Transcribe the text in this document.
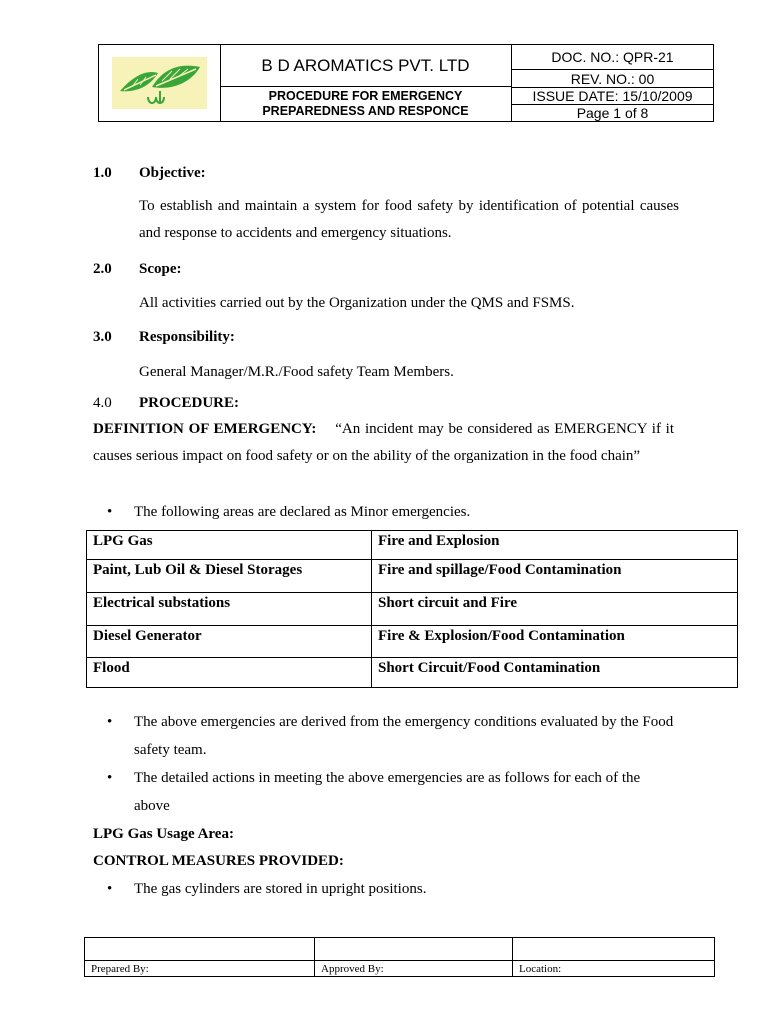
B D AROMATICS PVT. LTD
PROCEDURE FOR EMERGENCY
PREPAREDNESS AND RESPONCE
DOC. NO.: QPR-21
REV. NO.: 00
ISSUE DATE: 15/10/2009
Page 1 of 8
1.0 Objective:
To establish and maintain a system for food safety by identification of potential causes and response to accidents and emergency situations.
2.0 Scope:
All activities carried out by the Organization under the QMS and FSMS.
3.0 Responsibility:
General Manager/M.R./Food safety Team Members.
4.0 PROCEDURE:
DEFINITION OF EMERGENCY: “An incident may be considered as EMERGENCY if it causes serious impact on food safety or on the ability of the organization in the food chain”
• The following areas are declared as Minor emergencies.
LPG Gas	Fire and Explosion
Paint, Lub Oil & Diesel Storages	Fire and spillage/Food Contamination
Electrical substations	Short circuit and Fire
Diesel Generator	Fire & Explosion/Food Contamination
Flood	Short Circuit/Food Contamination
• The above emergencies are derived from the emergency conditions evaluated by the Food safety team.
• The detailed actions in meeting the above emergencies are as follows for each of the above
LPG Gas Usage Area:
CONTROL MEASURES PROVIDED:
• The gas cylinders are stored in upright positions.
Prepared By:	Approved By:	Location:
